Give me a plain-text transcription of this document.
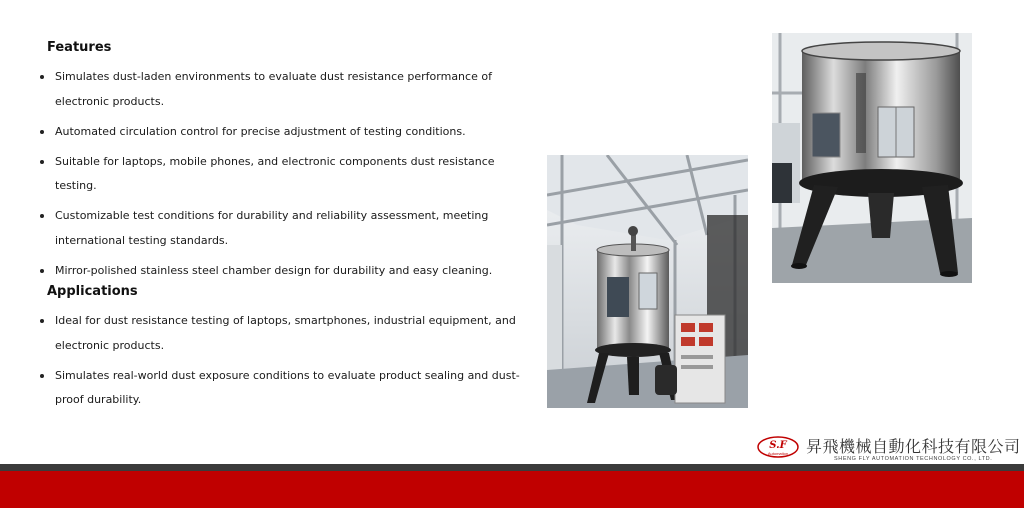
Features
Simulates dust-laden environments to evaluate dust resistance performance of electronic products.
Automated circulation control for precise adjustment of testing conditions.
Suitable for laptops, mobile phones, and electronic components dust resistance testing.
Customizable test conditions for durability and reliability assessment, meeting international testing standards.
Mirror-polished stainless steel chamber design for durability and easy cleaning.
Applications
Ideal for dust resistance testing of laptops, smartphones, industrial equipment, and electronic products.
Simulates real-world dust exposure conditions to evaluate product sealing and dust-proof durability.
S.F
Automation 昇飛機械自動化科技有限公司
SHENG FLY AUTOMATION TECHNOLOGY CO., LTD.
